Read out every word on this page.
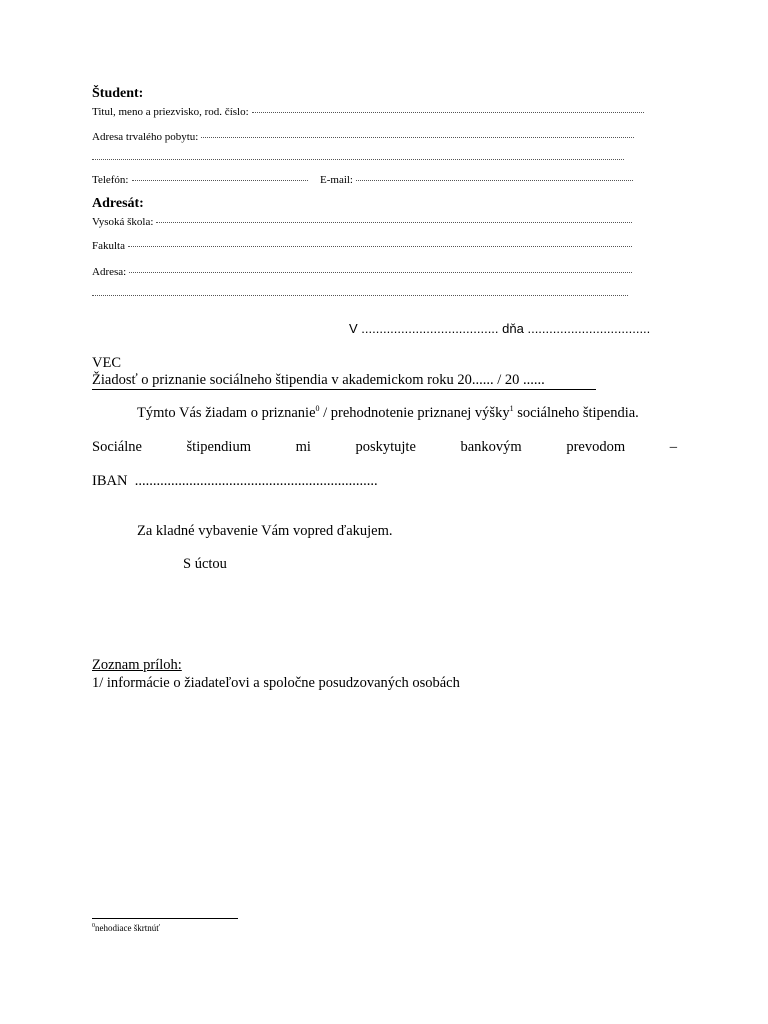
Študent:
Titul, meno a priezvisko, rod. číslo:
Adresa trvalého pobytu:
Telefón:	E-mail:
Adresát:
Vysoká škola:
Fakulta
Adresa:
V ...................................... dňa ..................................
VEC
Žiadosť o priznanie sociálneho štipendia v akademickom roku 20...... / 20 ......
Týmto Vás žiadam o priznanie$^0$ / prehodnotenie priznanej výšky$^1$ sociálneho štipendia.
Sociálne	štipendium	mi	poskytujte	bankovým	prevodom	–
IBAN  ...................................................................
Za kladné vybavenie Vám vopred ďakujem.
S úctou
Zoznam príloh:
1/ informácie o žiadateľovi a spoločne posudzovaných osobách
$^0$nehodiace škrtnúť
